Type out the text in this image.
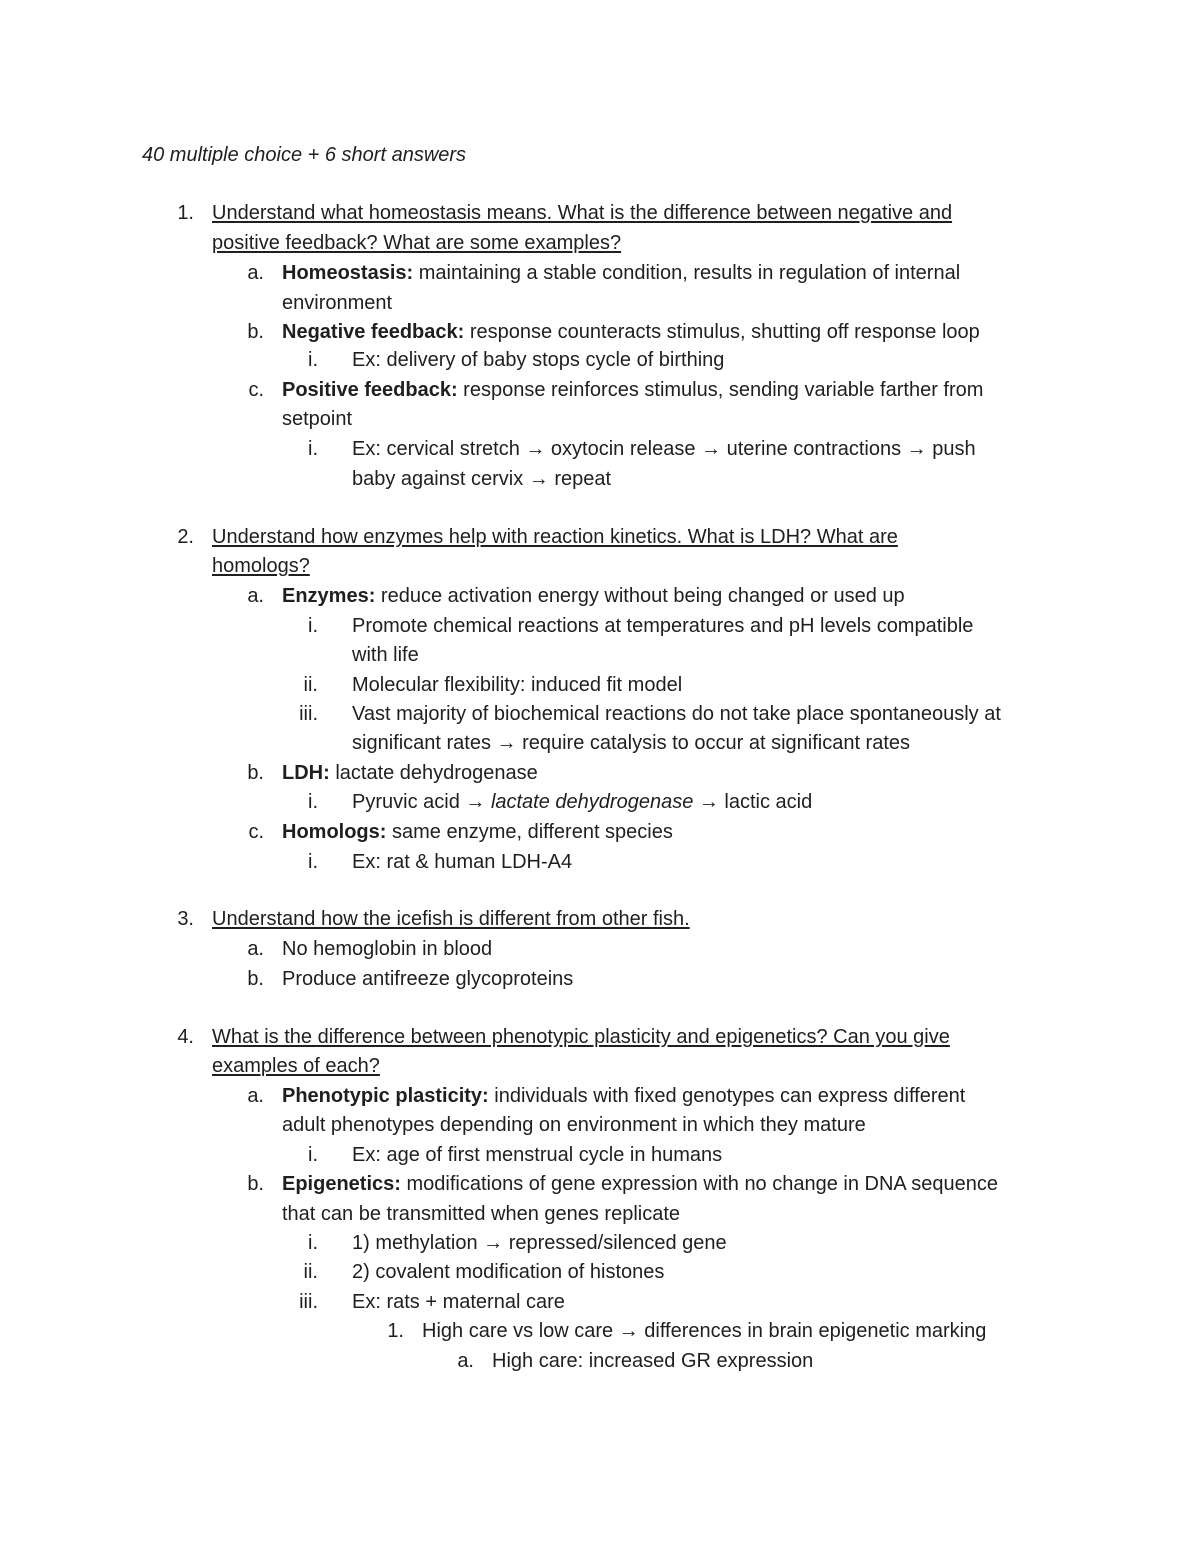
40 multiple choice + 6 short answers
1. Understand what homeostasis means. What is the difference between negative and
positive feedback? What are some examples?
a. Homeostasis: maintaining a stable condition, results in regulation of internal
environment
b. Negative feedback: response counteracts stimulus, shutting off response loop
i. Ex: delivery of baby stops cycle of birthing
c. Positive feedback: response reinforces stimulus, sending variable farther from
setpoint
i. Ex: cervical stretch → oxytocin release → uterine contractions → push
baby against cervix → repeat
2. Understand how enzymes help with reaction kinetics. What is LDH? What are
homologs?
a. Enzymes: reduce activation energy without being changed or used up
i. Promote chemical reactions at temperatures and pH levels compatible
with life
ii. Molecular flexibility: induced fit model
iii. Vast majority of biochemical reactions do not take place spontaneously at
significant rates → require catalysis to occur at significant rates
b. LDH: lactate dehydrogenase
i. Pyruvic acid → lactate dehydrogenase → lactic acid
c. Homologs: same enzyme, different species
i. Ex: rat & human LDH-A4
3. Understand how the icefish is different from other fish.
a. No hemoglobin in blood
b. Produce antifreeze glycoproteins
4. What is the difference between phenotypic plasticity and epigenetics? Can you give
examples of each?
a. Phenotypic plasticity: individuals with fixed genotypes can express different
adult phenotypes depending on environment in which they mature
i. Ex: age of first menstrual cycle in humans
b. Epigenetics: modifications of gene expression with no change in DNA sequence
that can be transmitted when genes replicate
i. 1) methylation → repressed/silenced gene
ii. 2) covalent modification of histones
iii. Ex: rats + maternal care
1. High care vs low care → differences in brain epigenetic marking
a. High care: increased GR expression
